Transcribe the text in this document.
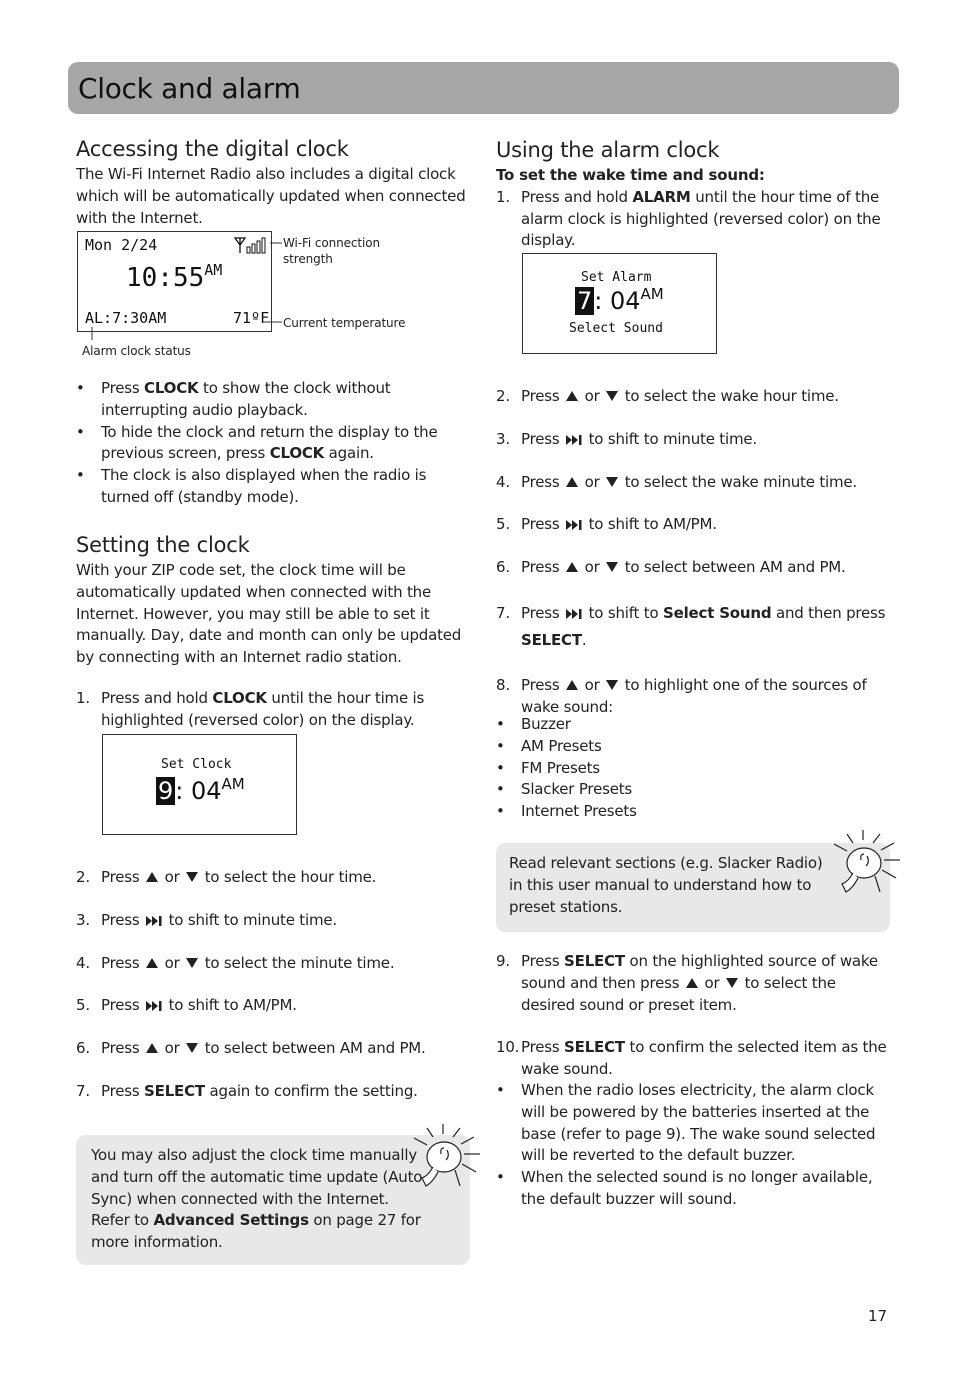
Clock and alarm
Accessing the digital clock

The Wi-Fi Internet Radio also includes a digital clock which will be automatically updated when connected with the Internet.

Mon 2/24
$10:55^{AM}$
AL:7:30AM	71ºF
Wi-Fi connection strength
Current temperature
Alarm clock status
• Press CLOCK to show the clock without interrupting audio playback.
• To hide the clock and return the display to the previous screen, press CLOCK again.
• The clock is also displayed when the radio is turned off (standby mode).
Setting the clock

With your ZIP code set, the clock time will be automatically updated when connected with the Internet. However, you may still be able to set it manually. Day, date and month can only be updated by connecting with an Internet radio station.

1. Press and hold CLOCK until the hour time is highlighted (reversed color) on the display.
Set Clock
9: $04^{AM}$
2. Press  or  to select the hour time.
3. Press  to shift to minute time.
4. Press  or  to select the minute time.
5. Press  to shift to AM/PM.
6. Press  or  to select between AM and PM.
7. Press SELECT again to confirm the setting.

You may also adjust the clock time manually and turn off the automatic time update (Auto Sync) when connected with the Internet. Refer to Advanced Settings on page 27 for more information.

Using the alarm clock

To set the wake time and sound:

1. Press and hold ALARM until the hour time of the alarm clock is highlighted (reversed color) on the display.
Set Alarm
7: $04^{AM}$
Select Sound
2. Press  or  to select the wake hour time.
3. Press  to shift to minute time.
4. Press  or  to select the wake minute time.
5. Press  to shift to AM/PM.
6. Press  or  to select between AM and PM.
7. Press  to shift to Select Sound and then press SELECT.
8. Press  or  to highlight one of the sources of wake sound:
• Buzzer
• AM Presets
• FM Presets
• Slacker Presets
• Internet Presets

Read relevant sections (e.g. Slacker Radio) in this user manual to understand how to preset stations.

9. Press SELECT on the highlighted source of wake sound and then press  or  to select the desired sound or preset item.
10. Press SELECT to confirm the selected item as the wake sound.
• When the radio loses electricity, the alarm clock will be powered by the batteries inserted at the base (refer to page 9). The wake sound selected will be reverted to the default buzzer.
• When the selected sound is no longer available, the default buzzer will sound.
17
